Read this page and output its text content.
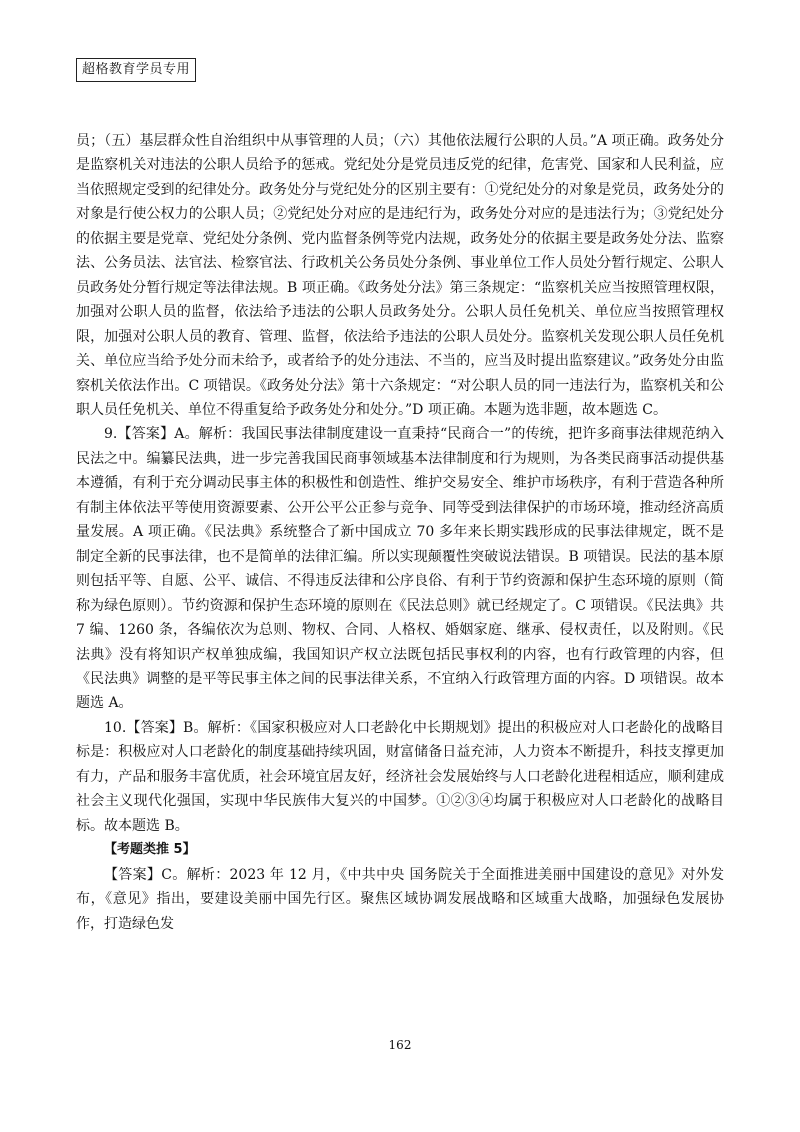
超格教育学员专用

员；（五）基层群众性自治组织中从事管理的人员；（六）其他依法履行公职的人员。”A 项正确。政务处分是监察机关对违法的公职人员给予的惩戒。党纪处分是党员违反党的纪律，危害党、国家和人民利益，应当依照规定受到的纪律处分。政务处分与党纪处分的区别主要有：①党纪处分的对象是党员，政务处分的对象是行使公权力的公职人员；②党纪处分对应的是违纪行为，政务处分对应的是违法行为；③党纪处分的依据主要是党章、党纪处分条例、党内监督条例等党内法规，政务处分的依据主要是政务处分法、监察法、公务员法、法官法、检察官法、行政机关公务员处分条例、事业单位工作人员处分暂行规定、公职人员政务处分暂行规定等法律法规。B 项正确。《政务处分法》第三条规定：“监察机关应当按照管理权限，加强对公职人员的监督，依法给予违法的公职人员政务处分。公职人员任免机关、单位应当按照管理权限，加强对公职人员的教育、管理、监督，依法给予违法的公职人员处分。监察机关发现公职人员任免机关、单位应当给予处分而未给予，或者给予的处分违法、不当的，应当及时提出监察建议。”政务处分由监察机关依法作出。C 项错误。《政务处分法》第十六条规定：“对公职人员的同一违法行为，监察机关和公职人员任免机关、单位不得重复给予政务处分和处分。”D 项正确。本题为选非题，故本题选 C。

9.【答案】A。解析：我国民事法律制度建设一直秉持“民商合一”的传统，把许多商事法律规范纳入民法之中。编纂民法典，进一步完善我国民商事领域基本法律制度和行为规则，为各类民商事活动提供基本遵循，有利于充分调动民事主体的积极性和创造性、维护交易安全、维护市场秩序，有利于营造各种所有制主体依法平等使用资源要素、公开公平公正参与竞争、同等受到法律保护的市场环境，推动经济高质量发展。A 项正确。《民法典》系统整合了新中国成立 70 多年来长期实践形成的民事法律规定，既不是制定全新的民事法律，也不是简单的法律汇编。所以实现颠覆性突破说法错误。B 项错误。民法的基本原则包括平等、自愿、公平、诚信、不得违反法律和公序良俗、有利于节约资源和保护生态环境的原则（简称为绿色原则）。节约资源和保护生态环境的原则在《民法总则》就已经规定了。C 项错误。《民法典》共 7 编、1260 条，各编依次为总则、物权、合同、人格权、婚姻家庭、继承、侵权责任，以及附则。《民法典》没有将知识产权单独成编，我国知识产权立法既包括民事权利的内容，也有行政管理的内容，但《民法典》调整的是平等民事主体之间的民事法律关系，不宜纳入行政管理方面的内容。D 项错误。故本题选 A。

10.【答案】B。解析：《国家积极应对人口老龄化中长期规划》提出的积极应对人口老龄化的战略目标是：积极应对人口老龄化的制度基础持续巩固，财富储备日益充沛，人力资本不断提升，科技支撑更加有力，产品和服务丰富优质，社会环境宜居友好，经济社会发展始终与人口老龄化进程相适应，顺利建成社会主义现代化强国，实现中华民族伟大复兴的中国梦。①②③④均属于积极应对人口老龄化的战略目标。故本题选 B。

【考题类推 5】

【答案】C。解析：2023 年 12 月，《中共中央 国务院关于全面推进美丽中国建设的意见》对外发布，《意见》指出，要建设美丽中国先行区。聚焦区域协调发展战略和区域重大战略，加强绿色发展协作，打造绿色发

162
